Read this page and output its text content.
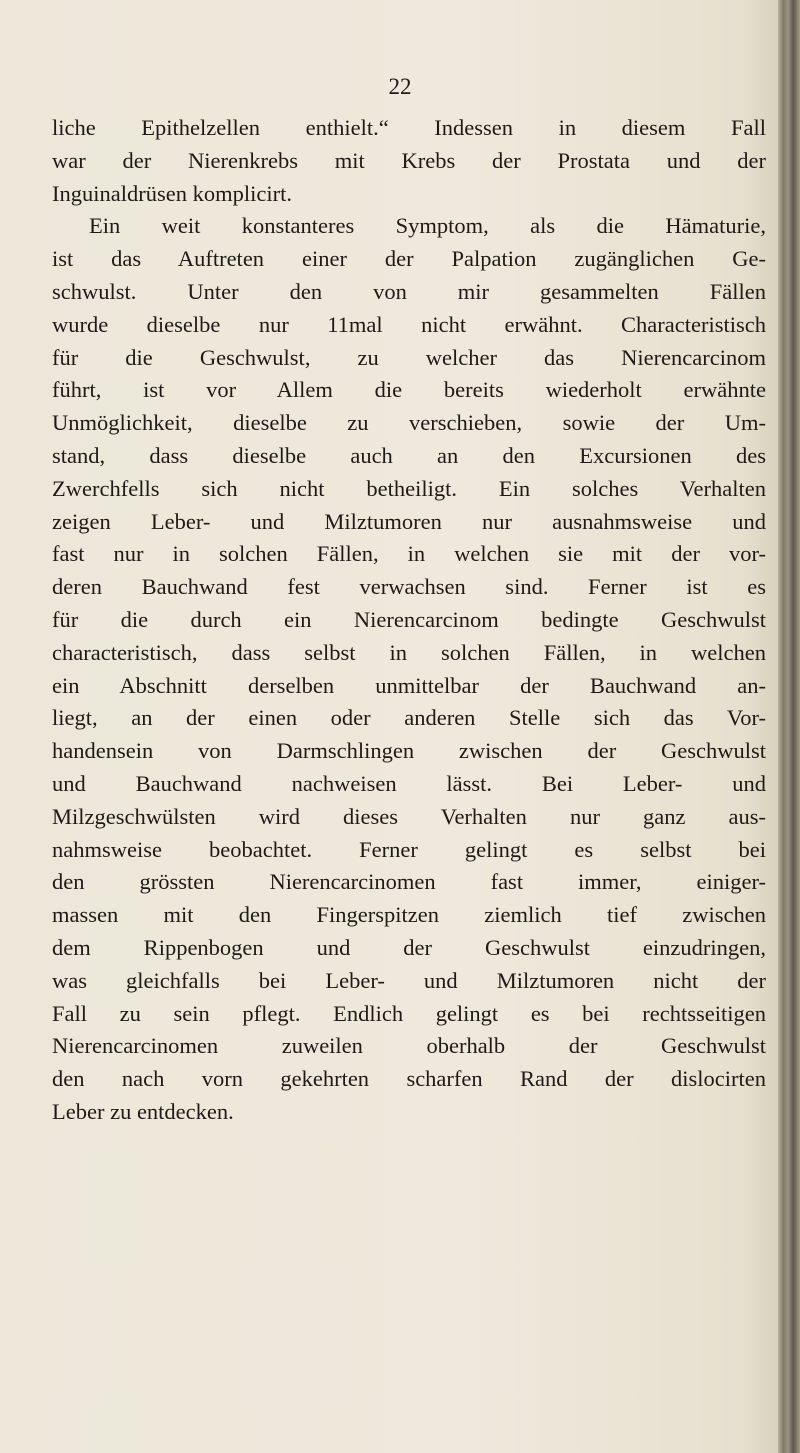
22
liche Epithelzellen enthielt.“ Indessen in diesem Fall
war der Nierenkrebs mit Krebs der Prostata und der
Inguinaldrüsen komplicirt.
Ein weit konstanteres Symptom, als die Hämaturie,
ist das Auftreten einer der Palpation zugänglichen Ge-
schwulst. Unter den von mir gesammelten Fällen
wurde dieselbe nur 11mal nicht erwähnt. Characteristisch
für die Geschwulst, zu welcher das Nierencarcinom
führt, ist vor Allem die bereits wiederholt erwähnte
Unmöglichkeit, dieselbe zu verschieben, sowie der Um-
stand, dass dieselbe auch an den Excursionen des
Zwerchfells sich nicht betheiligt. Ein solches Verhalten
zeigen Leber- und Milztumoren nur ausnahmsweise und
fast nur in solchen Fällen, in welchen sie mit der vor-
deren Bauchwand fest verwachsen sind. Ferner ist es
für die durch ein Nierencarcinom bedingte Geschwulst
characteristisch, dass selbst in solchen Fällen, in welchen
ein Abschnitt derselben unmittelbar der Bauchwand an-
liegt, an der einen oder anderen Stelle sich das Vor-
handensein von Darmschlingen zwischen der Geschwulst
und Bauchwand nachweisen lässt. Bei Leber- und
Milzgeschwülsten wird dieses Verhalten nur ganz aus-
nahmsweise beobachtet. Ferner gelingt es selbst bei
den grössten Nierencarcinomen fast immer, einiger-
massen mit den Fingerspitzen ziemlich tief zwischen
dem Rippenbogen und der Geschwulst einzudringen,
was gleichfalls bei Leber- und Milztumoren nicht der
Fall zu sein pflegt. Endlich gelingt es bei rechtsseitigen
Nierencarcinomen zuweilen oberhalb der Geschwulst
den nach vorn gekehrten scharfen Rand der dislocirten
Leber zu entdecken.
